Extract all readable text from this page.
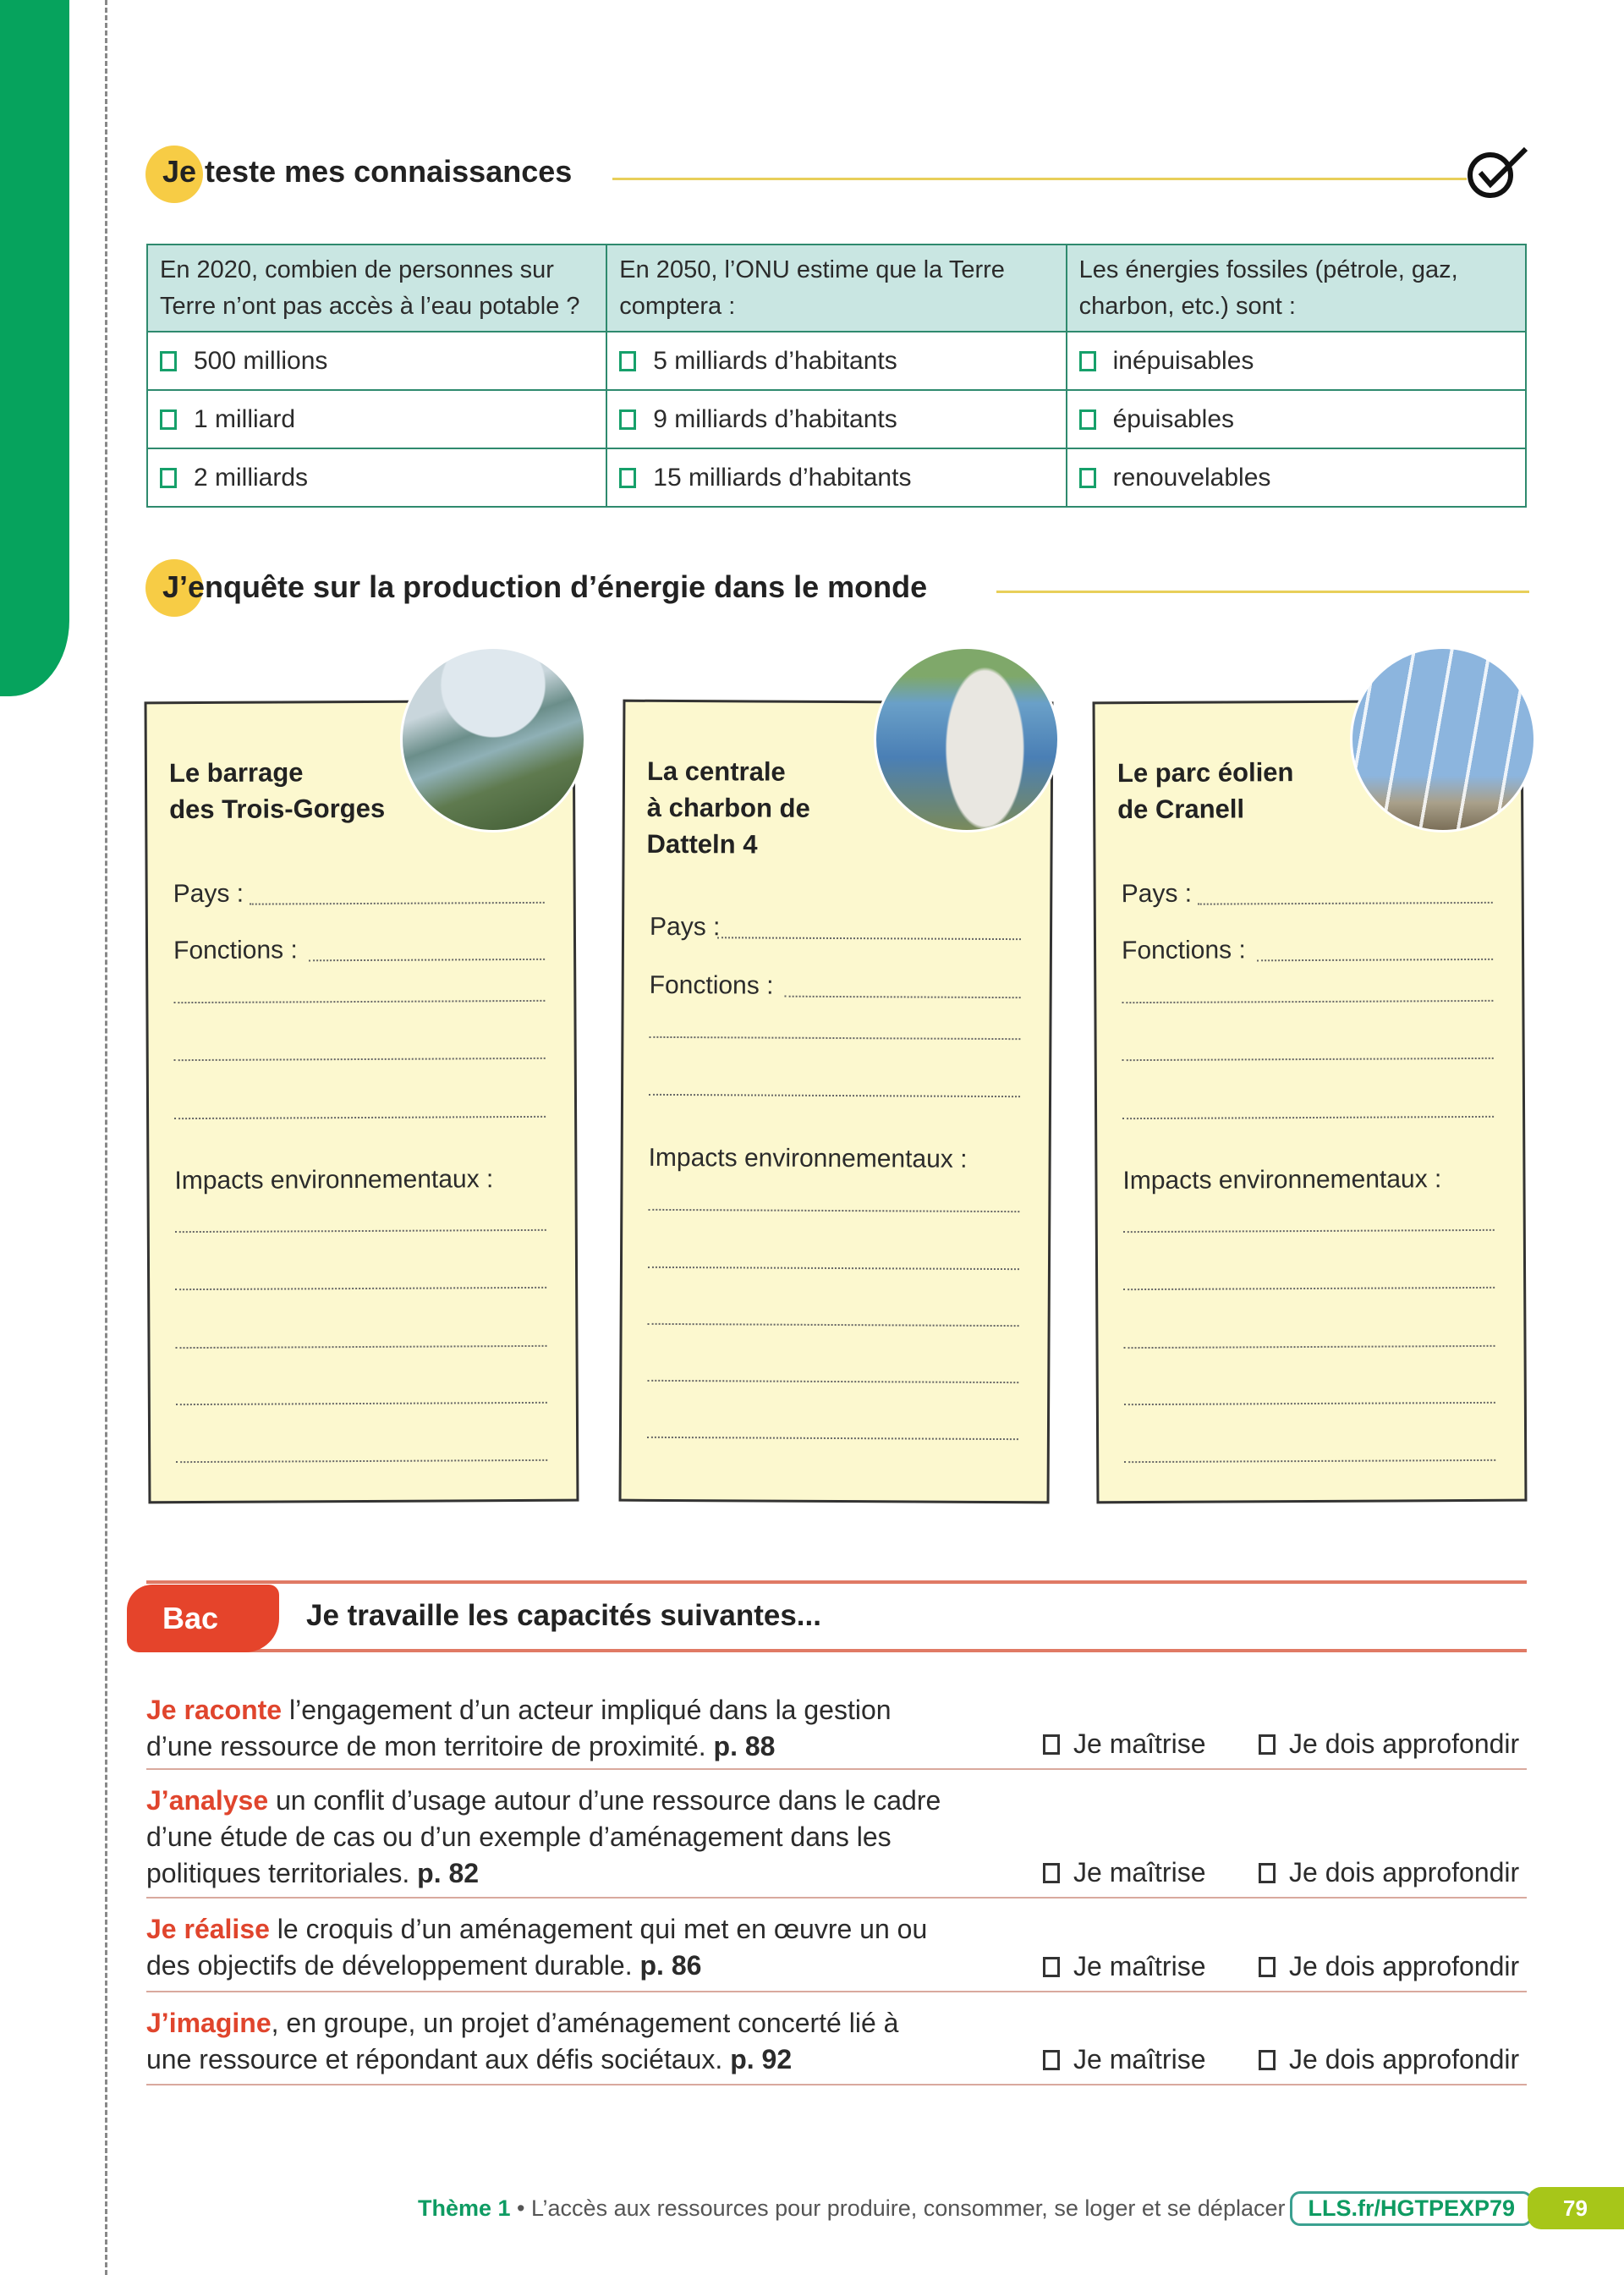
Je teste mes connaissances
En 2020, combien de personnes sur Terre n’ont pas accès à l’eau potable ?	En 2050, l’ONU estime que la Terre comptera :	Les énergies fossiles (pétrole, gaz, charbon, etc.) sont :
500 millions	5 milliards d’habitants	inépuisables
1 milliard	9 milliards d’habitants	épuisables
2 milliards	15 milliards d’habitants	renouvelables
J’enquête sur la production d’énergie dans le monde
Le barrage
des Trois-Gorges
Pays :
Fonctions :
Impacts environnementaux :
La centrale
à charbon de
Datteln 4
Pays :
Fonctions :
Impacts environnementaux :
Le parc éolien
de Cranell
Pays :
Fonctions :
Impacts environnementaux :
Bac	Je travaille les capacités suivantes...
Je raconte l’engagement d’un acteur impliqué dans la gestion d’une ressource de mon territoire de proximité. p. 88	Je maîtrise	Je dois approfondir
J’analyse un conflit d’usage autour d’une ressource dans le cadre d’une étude de cas ou d’un exemple d’aménagement dans les politiques territoriales. p. 82	Je maîtrise	Je dois approfondir
Je réalise le croquis d’un aménagement qui met en œuvre un ou des objectifs de développement durable. p. 86	Je maîtrise	Je dois approfondir
J’imagine, en groupe, un projet d’aménagement concerté lié à une ressource et répondant aux défis sociétaux. p. 92	Je maîtrise	Je dois approfondir
Thème 1 • L’accès aux ressources pour produire, consommer, se loger et se déplacer LLS.fr/HGTPEXP79	79
